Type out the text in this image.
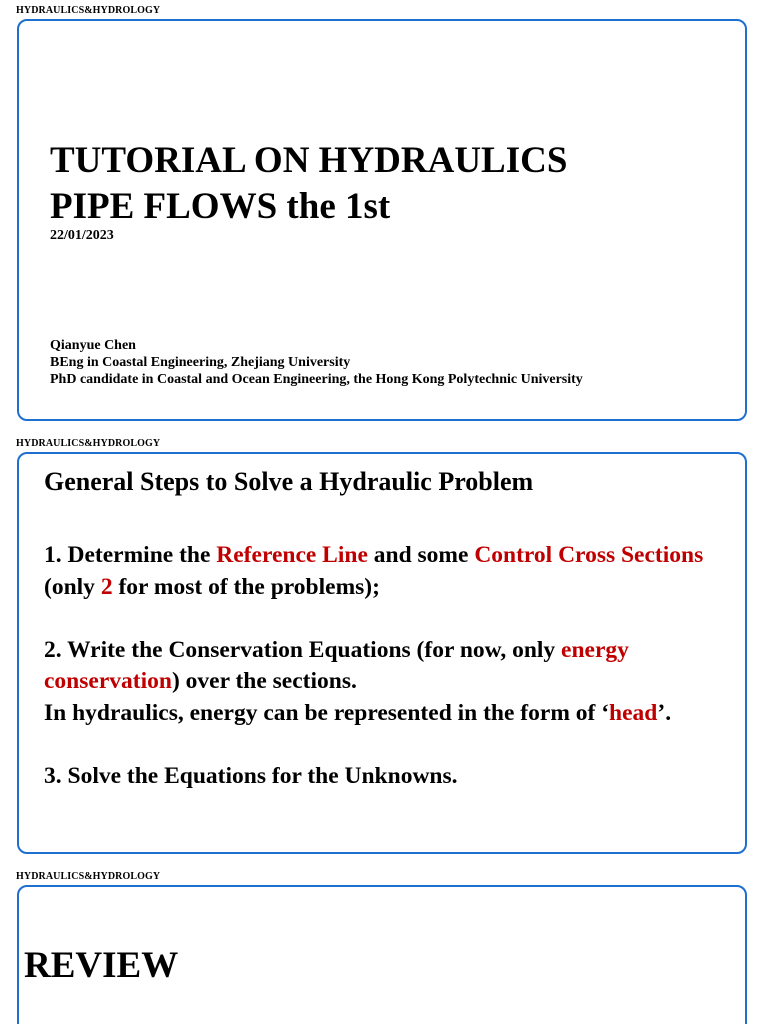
HYDRAULICS&HYDROLOGY
TUTORIAL ON HYDRAULICS
PIPE FLOWS the 1st
22/01/2023
Qianyue Chen
BEng in Coastal Engineering, Zhejiang University
PhD candidate in Coastal and Ocean Engineering, the Hong Kong Polytechnic University
HYDRAULICS&HYDROLOGY
General Steps to Solve a Hydraulic Problem

1. Determine the Reference Line and some Control Cross Sections (only 2 for most of the problems);

2. Write the Conservation Equations (for now, only energy conservation) over the sections.

In hydraulics, energy can be represented in the form of ‘head’.

3. Solve the Equations for the Unknowns.

HYDRAULICS&HYDROLOGY
REVIEW
